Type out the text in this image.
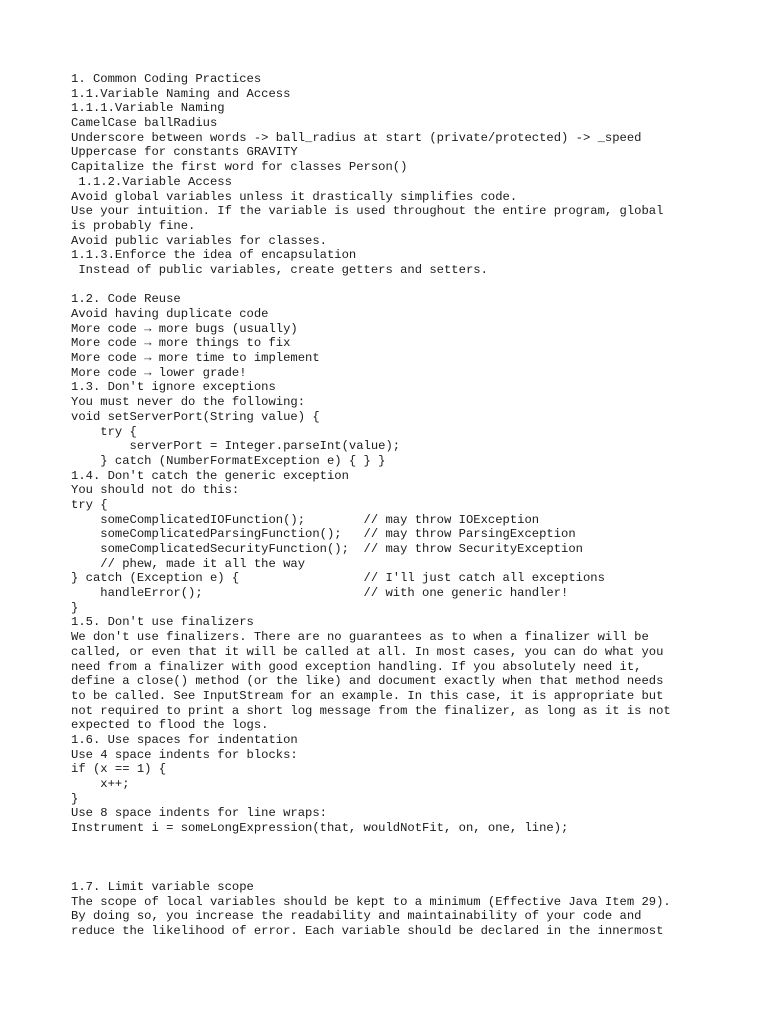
1. Common Coding Practices
1.1.Variable Naming and Access
1.1.1.Variable Naming
CamelCase ballRadius
Underscore between words -> ball_radius at start (private/protected) -> _speed
Uppercase for constants GRAVITY
Capitalize the first word for classes Person()
1.1.2.Variable Access
Avoid global variables unless it drastically simplifies code.
Use your intuition. If the variable is used throughout the entire program, global
is probably fine.
Avoid public variables for classes.
1.1.3.Enforce the idea of encapsulation
Instead of public variables, create getters and setters.
1.2. Code Reuse
Avoid having duplicate code
More code → more bugs (usually)
More code → more things to fix
More code → more time to implement
More code → lower grade!
1.3. Don't ignore exceptions
You must never do the following:
void setServerPort(String value) {
try {
serverPort = Integer.parseInt(value);
} catch (NumberFormatException e) { } }
1.4. Don't catch the generic exception
You should not do this:
try {
someComplicatedIOFunction();        // may throw IOException
someComplicatedParsingFunction();   // may throw ParsingException
someComplicatedSecurityFunction();  // may throw SecurityException
// phew, made it all the way
} catch (Exception e) {                 // I'll just catch all exceptions
handleError();                      // with one generic handler!
}
1.5. Don't use finalizers
We don't use finalizers. There are no guarantees as to when a finalizer will be
called, or even that it will be called at all. In most cases, you can do what you
need from a finalizer with good exception handling. If you absolutely need it,
define a close() method (or the like) and document exactly when that method needs
to be called. See InputStream for an example. In this case, it is appropriate but
not required to print a short log message from the finalizer, as long as it is not
expected to flood the logs.
1.6. Use spaces for indentation
Use 4 space indents for blocks:
if (x == 1) {
x++;
}
Use 8 space indents for line wraps:
Instrument i = someLongExpression(that, wouldNotFit, on, one, line);
1.7. Limit variable scope
The scope of local variables should be kept to a minimum (Effective Java Item 29).
By doing so, you increase the readability and maintainability of your code and
reduce the likelihood of error. Each variable should be declared in the innermost
